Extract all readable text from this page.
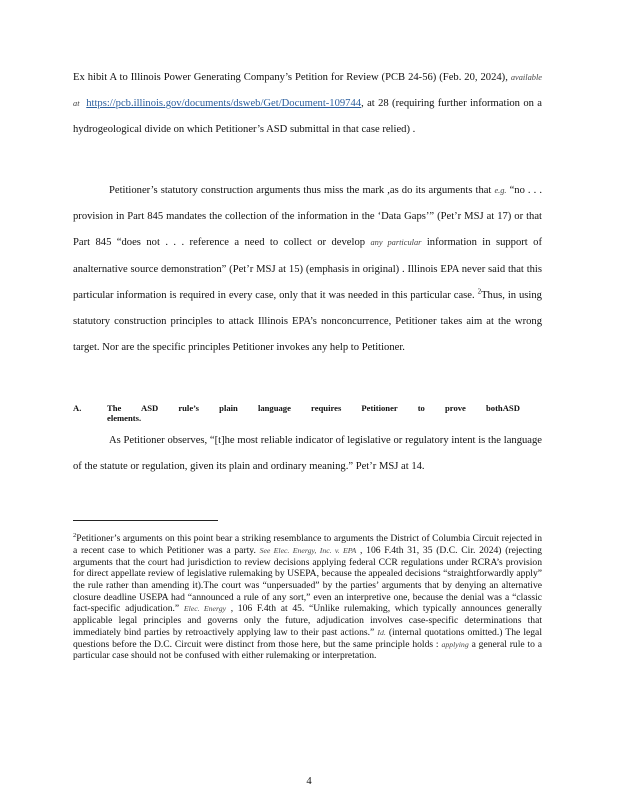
Ex hibit A to Illinois Power Generating Company’s Petition for Review (PCB 24-56) (Feb. 20, 2024), available at https://pcb.illinois.gov/documents/dsweb/Get/Document-109744, at 28 (requiring further information on a hydrogeological divide on which Petitioner’s ASD submittal in that case relied) .

Petitioner’s statutory construction arguments thus miss the mark ,as do its arguments that e.g. “no . . . provision in Part 845 mandates the collection of the information in the ‘Data Gaps’” (Pet’r MSJ at 17) or that Part 845 “does not . . . reference a need to collect or develop any particular information in support of analternative source demonstration” (Pet’r MSJ at 15) (emphasis in original) . Illinois EPA never said that this particular information is required in every case, only that it was needed in this particular case. $^2$Thus, in using statutory construction principles to attack Illinois EPA’s nonconcurrence, Petitioner takes aim at the wrong target. Nor are the specific principles Petitioner invokes any help to Petitioner.

A.	The ASD rule’s plain language requires Petitioner to prove bothASD elements.

As Petitioner observes, “[t]he most reliable indicator of legislative or regulatory intent is the language of the statute or regulation, given its plain and ordinary meaning.” Pet’r MSJ at 14.

$^2$Petitioner’s arguments on this point bear a striking resemblance to arguments the District of Columbia Circuit rejected in a recent case to which Petitioner was a party. See Elec. Energy, Inc. v. EPA , 106 F.4th 31, 35 (D.C. Cir. 2024) (rejecting arguments that the court had jurisdiction to review decisions applying federal CCR regulations under RCRA’s provision for direct appellate review of legislative rulemaking by USEPA, because the appealed decisions “straightforwardly apply” the rule rather than amending it).The court was “unpersuaded” by the parties’ arguments that by denying an alternative closure deadline USEPA had “announced a rule of any sort,” even an interpretive one, because the denial was a “classic fact-specific adjudication.” Elec. Energy , 106 F.4th at 45. “Unlike rulemaking, which typically announces generally applicable legal principles and governs only the future, adjudication involves case-specific determinations that immediately bind parties by retroactively applying law to their past actions.” Id. (internal quotations omitted.) The legal questions before the D.C. Circuit were distinct from those here, but the same principle holds : applying a general rule to a particular case should not be confused with either rulemaking or interpretation.
4
